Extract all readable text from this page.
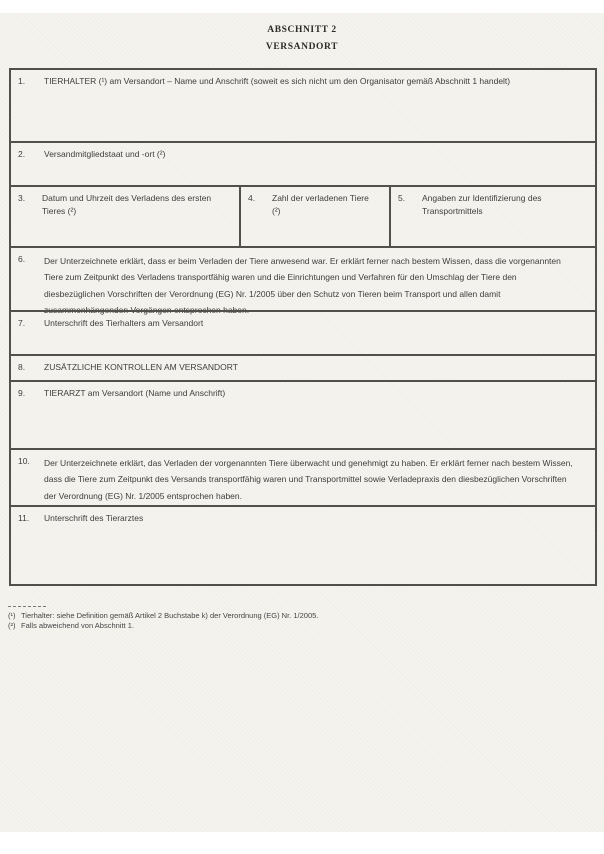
ABSCHNITT 2
VERSANDORT
1.	TIERHALTER (¹) am Versandort – Name und Anschrift (soweit es sich nicht um den Organisator gemäß Abschnitt 1 handelt)
2.	Versandmitgliedstaat und -ort (²)
3.	Datum und Uhrzeit des Verladens des ersten Tieres (²)
4.	Zahl der verladenen Tiere (²)
5.	Angaben zur Identifizierung des Transportmittels
6.	Der Unterzeichnete erklärt, dass er beim Verladen der Tiere anwesend war. Er erklärt ferner nach bestem Wissen, dass die vorgenannten Tiere zum Zeitpunkt des Verladens transportfähig waren und die Einrichtungen und Verfahren für den Umschlag der Tiere den diesbezüglichen Vorschriften der Verordnung (EG) Nr. 1/2005 über den Schutz von Tieren beim Transport und allen damit zusammenhängenden Vorgängen entsprochen haben.
7.	Unterschrift des Tierhalters am Versandort
8.	ZUSÄTZLICHE KONTROLLEN AM VERSANDORT
9.	TIERARZT am Versandort (Name und Anschrift)
10.	Der Unterzeichnete erklärt, das Verladen der vorgenannten Tiere überwacht und genehmigt zu haben. Er erklärt ferner nach bestem Wissen, dass die Tiere zum Zeitpunkt des Versands transportfähig waren und Transportmittel sowie Verladepraxis den diesbezüglichen Vorschriften der Verordnung (EG) Nr. 1/2005 entsprochen haben.
11.	Unterschrift des Tierarztes
(¹) Tierhalter: siehe Definition gemäß Artikel 2 Buchstabe k) der Verordnung (EG) Nr. 1/2005.
(²) Falls abweichend von Abschnitt 1.
